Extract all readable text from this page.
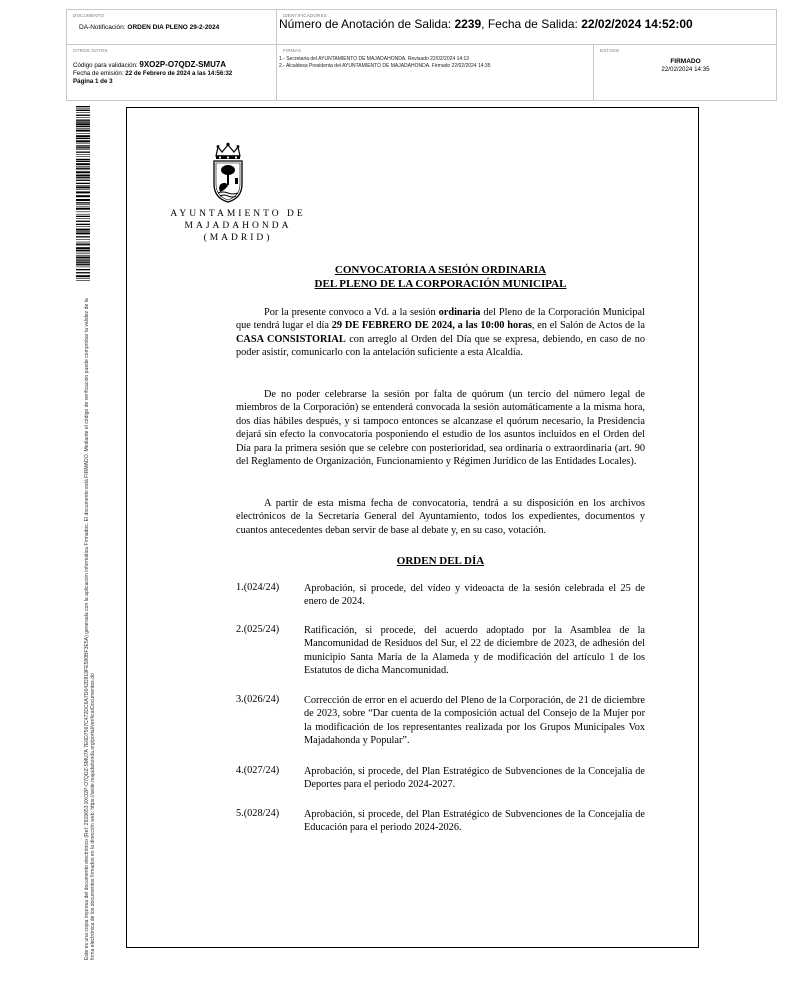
DOCUMENTO
DA-Notificación: ORDEN DIA PLENO 29-2-2024
IDENTIFICADORES
Número de Anotación de Salida: 2239, Fecha de Salida: 22/02/2024 14:52:00
OTROS DATOS
Código para validación: 9XO2P-O7QDZ-SMU7A
Fecha de emisión: 22 de Febrero de 2024 a las 14:56:32
Página 1 de 3
FIRMAS
1.- Secretaria del AYUNTAMIENTO DE MAJADAHONDA. Revisado 22/02/2024 14:13
2.- Alcaldesa Presidenta del AYUNTAMIENTO DE MAJADAHONDA. Firmado 22/02/2024 14:35
ESTADO
FIRMADO
22/02/2024 14:35
Este es una copia impresa del documento electrónico (Ref: 2919653 9XO2P-O7QDZ-SMU7A 7E6D7567C472DC6A7D642D819FE580BF3E5A) generada con la aplicación informática Firmadoc. El documento está FIRMADO. Mediante el código de verificación puede comprobar la validez de la firma electrónica de los documentos firmados en la dirección web: https://sede.majadahonda.org/portal/verificarDocumentos.do
AYUNTAMIENTO DE
MAJADAHONDA
(MADRID)
CONVOCATORIA A SESIÓN ORDINARIA
DEL PLENO DE LA CORPORACIÓN MUNICIPAL
Por la presente convoco a Vd. a la sesión ordinaria del Pleno de la Corporación Municipal que tendrá lugar el día 29 DE FEBRERO DE 2024, a las 10:00 horas, en el Salón de Actos de la CASA CONSISTORIAL con arreglo al Orden del Día que se expresa, debiendo, en caso de no poder asistir, comunicarlo con la antelación suficiente a esta Alcaldía.
De no poder celebrarse la sesión por falta de quórum (un tercio del número legal de miembros de la Corporación) se entenderá convocada la sesión automáticamente a la misma hora, dos días hábiles después, y si tampoco entonces se alcanzase el quórum necesario, la Presidencia dejará sin efecto la convocatoria posponiendo el estudio de los asuntos incluidos en el Orden del Día para la primera sesión que se celebre con posterioridad, sea ordinaria o extraordinaria (art. 90 del Reglamento de Organización, Funcionamiento y Régimen Jurídico de las Entidades Locales).
A partir de esta misma fecha de convocatoria, tendrá a su disposición en los archivos electrónicos de la Secretaría General del Ayuntamiento, todos los expedientes, documentos y cuantos antecedentes deban servir de base al debate y, en su caso, votación.
ORDEN DEL DÍA
1.(024/24) Aprobación, si procede, del vídeo y videoacta de la sesión celebrada el 25 de enero de 2024.
2.(025/24) Ratificación, si procede, del acuerdo adoptado por la Asamblea de la Mancomunidad de Residuos del Sur, el 22 de diciembre de 2023, de adhesión del municipio Santa María de la Alameda y de modificación del artículo 1 de los Estatutos de dicha Mancomunidad.
3.(026/24) Corrección de error en el acuerdo del Pleno de la Corporación, de 21 de diciembre de 2023, sobre “Dar cuenta de la composición actual del Consejo de la Mujer por la modificación de los representantes realizada por los Grupos Municipales Vox Majadahonda y Popular”.
4.(027/24) Aprobación, si procede, del Plan Estratégico de Subvenciones de la Concejalía de Deportes para el periodo 2024-2027.
5.(028/24) Aprobación, si procede, del Plan Estratégico de Subvenciones de la Concejalía de Educación para el periodo 2024-2026.
